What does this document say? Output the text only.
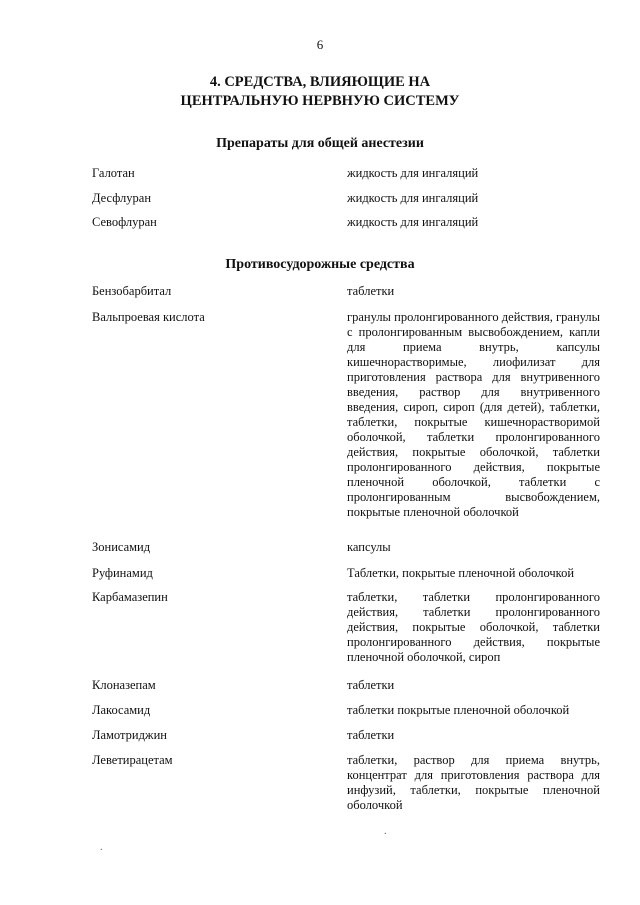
6
4. СРЕДСТВА, ВЛИЯЮЩИЕ НА
ЦЕНТРАЛЬНУЮ НЕРВНУЮ СИСТЕМУ
Препараты для общей анестезии
Галотан	жидкость для ингаляций
Десфлуран	жидкость для ингаляций
Севофлуран	жидкость для ингаляций
Противосудорожные средства
Бензобарбитал	таблетки
Вальпроевая кислота	гранулы пролонгированного действия, гранулы с пролонгированным высвобождением, капли для приема внутрь, капсулы кишечнорастворимые, лиофилизат для приготовления раствора для внутривенного введения, раствор для внутривенного введения, сироп, сироп (для детей), таблетки, таблетки, покрытые кишечнорастворимой оболочкой, таблетки пролонгированного действия, покрытые оболочкой, таблетки пролонгированного действия, покрытые пленочной оболочкой, таблетки с пролонгированным высвобождением, покрытые пленочной оболочкой
Зонисамид	капсулы
Руфинамид	Таблетки, покрытые пленочной оболочкой
Карбамазепин	таблетки, таблетки пролонгированного действия, таблетки пролонгированного действия, покрытые оболочкой, таблетки пролонгированного действия, покрытые пленочной оболочкой, сироп
Клоназепам	таблетки
Лакосамид	таблетки покрытые пленочной оболочкой
Ламотриджин	таблетки
Леветирацетам	таблетки, раствор для приема внутрь, концентрат для приготовления раствора для инфузий, таблетки, покрытые пленочной оболочкой
.
.
